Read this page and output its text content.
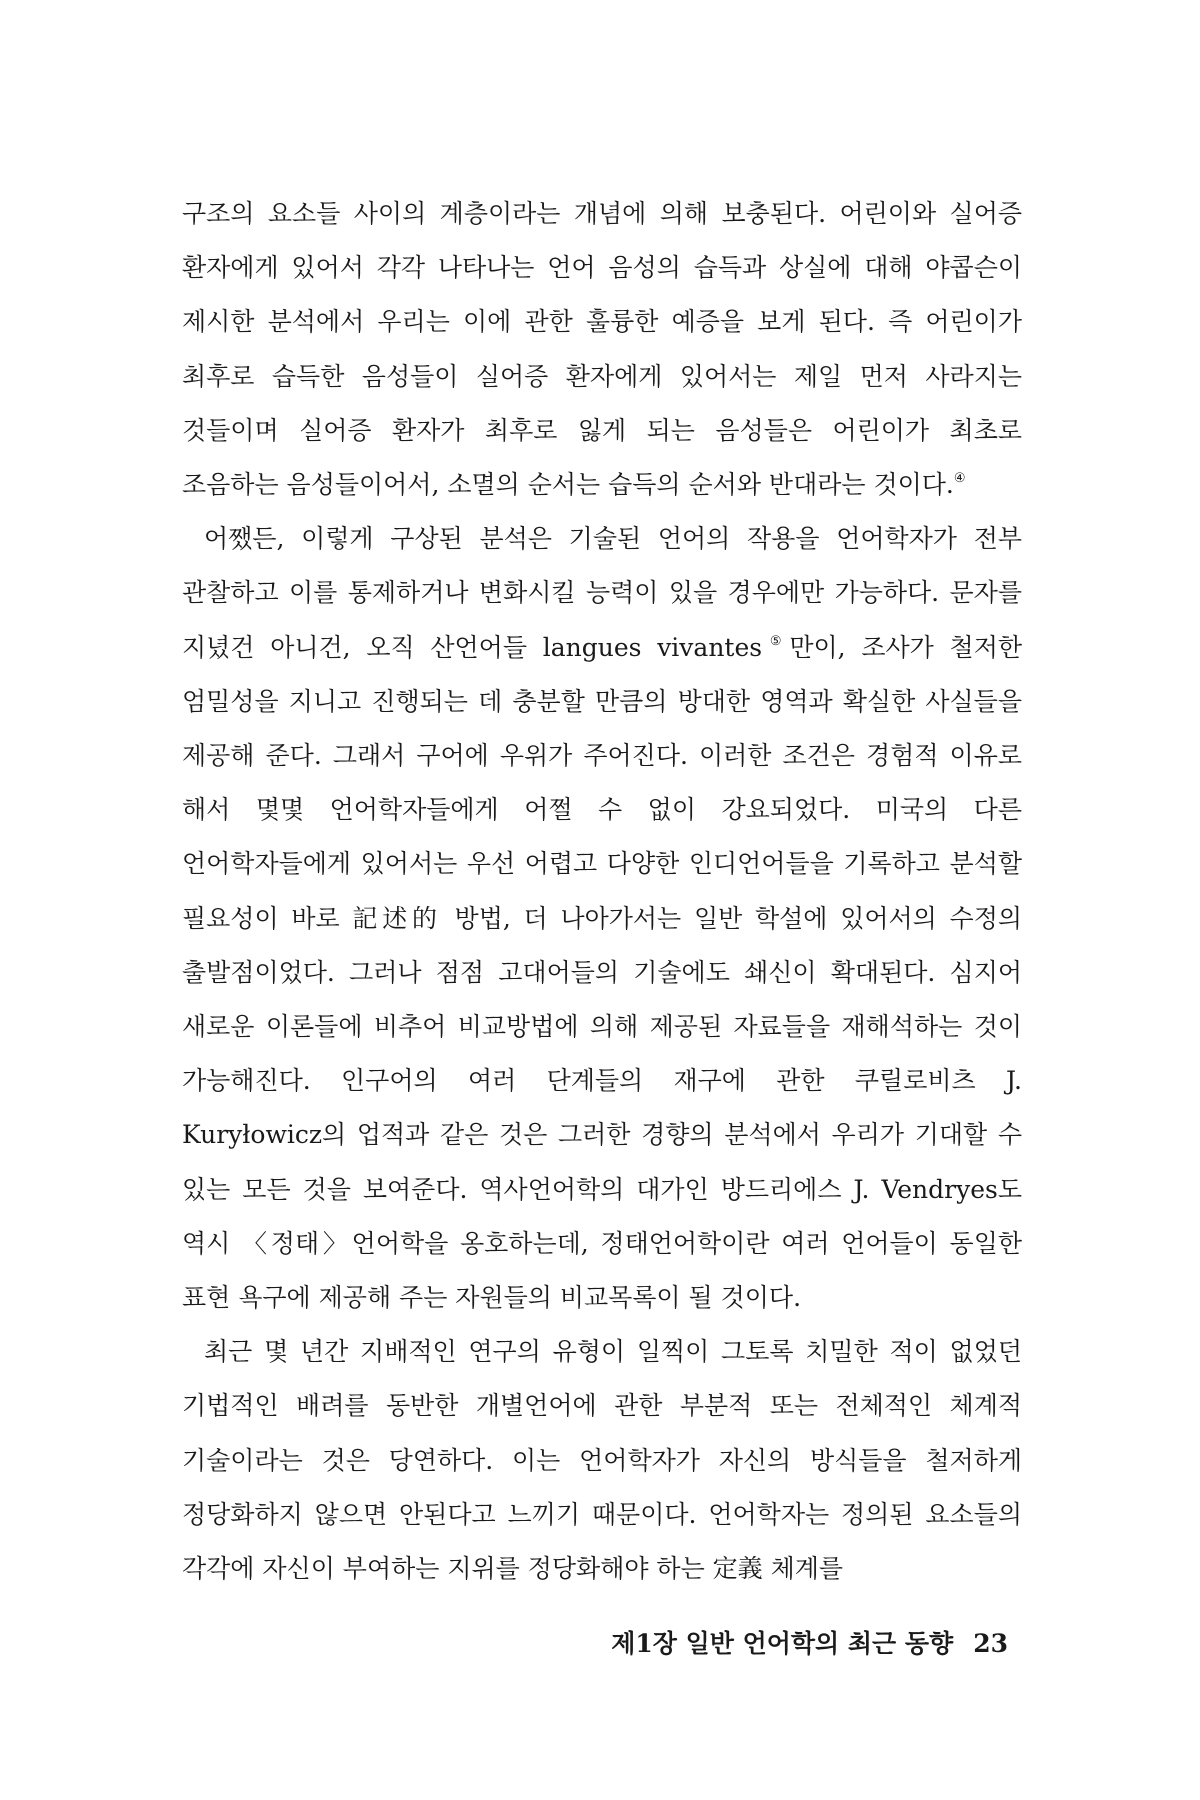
구조의 요소들 사이의 계층이라는 개념에 의해 보충된다. 어린이와 실어증 환자에게 있어서 각각 나타나는 언어 음성의 습득과 상실에 대해 야콥슨이 제시한 분석에서 우리는 이에 관한 훌륭한 예증을 보게 된다. 즉 어린이가 최후로 습득한 음성들이 실어증 환자에게 있어서는 제일 먼저 사라지는 것들이며 실어증 환자가 최후로 잃게 되는 음성들은 어린이가 최초로 조음하는 음성들이어서, 소멸의 순서는 습득의 순서와 반대라는 것이다.④

어쨌든, 이렇게 구상된 분석은 기술된 언어의 작용을 언어학자가 전부 관찰하고 이를 통제하거나 변화시킬 능력이 있을 경우에만 가능하다. 문자를 지녔건 아니건, 오직 산언어들 langues vivantes⑤만이, 조사가 철저한 엄밀성을 지니고 진행되는 데 충분할 만큼의 방대한 영역과 확실한 사실들을 제공해 준다. 그래서 구어에 우위가 주어진다. 이러한 조건은 경험적 이유로 해서 몇몇 언어학자들에게 어쩔 수 없이 강요되었다. 미국의 다른 언어학자들에게 있어서는 우선 어렵고 다양한 인디언어들을 기록하고 분석할 필요성이 바로 記述的 방법, 더 나아가서는 일반 학설에 있어서의 수정의 출발점이었다. 그러나 점점 고대어들의 기술에도 쇄신이 확대된다. 심지어 새로운 이론들에 비추어 비교방법에 의해 제공된 자료들을 재해석하는 것이 가능해진다. 인구어의 여러 단계들의 재구에 관한 쿠릴로비츠 J. Kuryłowicz의 업적과 같은 것은 그러한 경향의 분석에서 우리가 기대할 수 있는 모든 것을 보여준다. 역사언어학의 대가인 방드리에스 J. Vendryes도 역시 〈정태〉언어학을 옹호하는데, 정태언어학이란 여러 언어들이 동일한 표현 욕구에 제공해 주는 자원들의 비교목록이 될 것이다.

최근 몇 년간 지배적인 연구의 유형이 일찍이 그토록 치밀한 적이 없었던 기법적인 배려를 동반한 개별언어에 관한 부분적 또는 전체적인 체계적 기술이라는 것은 당연하다. 이는 언어학자가 자신의 방식들을 철저하게 정당화하지 않으면 안된다고 느끼기 때문이다. 언어학자는 정의된 요소들의 각각에 자신이 부여하는 지위를 정당화해야 하는 定義 체계를

제1장 일반 언어학의 최근 동향 23
